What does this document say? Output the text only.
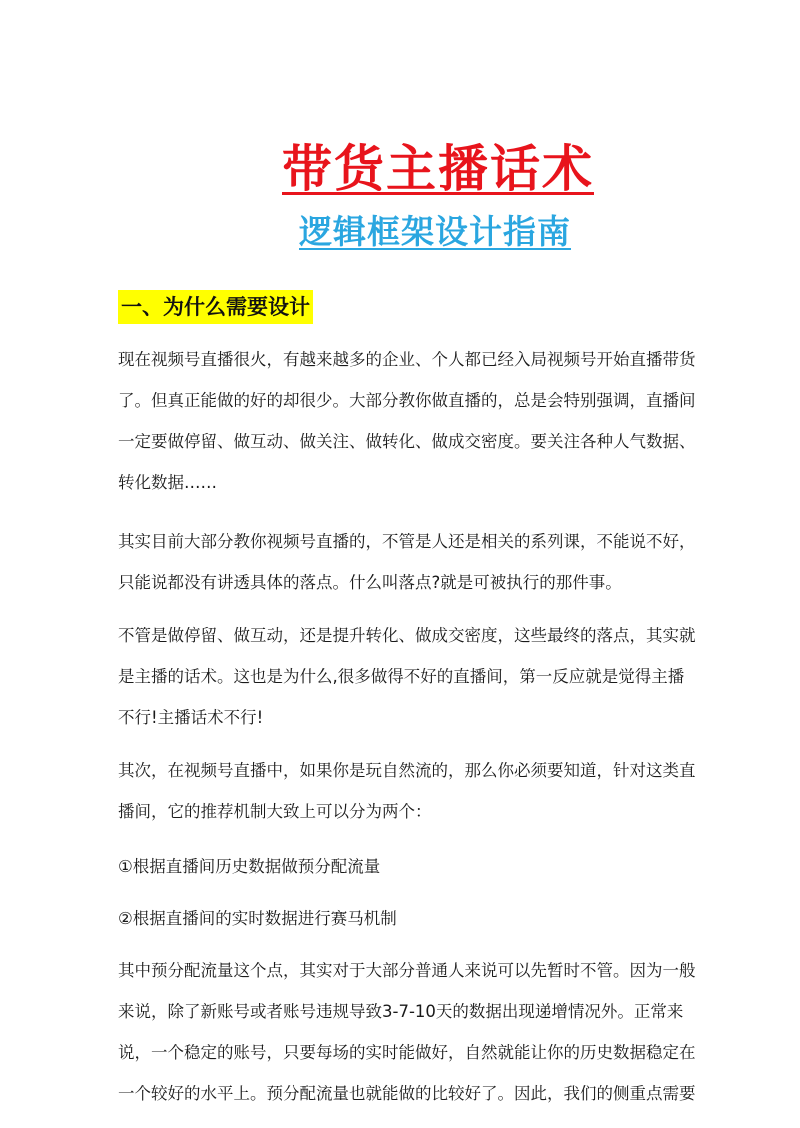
带货主播话术
逻辑框架设计指南
一、为什么需要设计
现在视频号直播很火，有越来越多的企业、个人都已经入局视频号开始直播带货
了。但真正能做的好的却很少。大部分教你做直播的，总是会特别强调，直播间
一定要做停留、做互动、做关注、做转化、做成交密度。要关注各种人气数据、
转化数据……
其实目前大部分教你视频号直播的，不管是人还是相关的系列课，不能说不好，
只能说都没有讲透具体的落点。什么叫落点?就是可被执行的那件事。
不管是做停留、做互动，还是提升转化、做成交密度，这些最终的落点，其实就
是主播的话术。这也是为什么,很多做得不好的直播间，第一反应就是觉得主播
不行!主播话术不行!
其次，在视频号直播中，如果你是玩自然流的，那么你必须要知道，针对这类直
播间，它的推荐机制大致上可以分为两个：
①根据直播间历史数据做预分配流量
②根据直播间的实时数据进行赛马机制
其中预分配流量这个点，其实对于大部分普通人来说可以先暂时不管。因为一般
来说，除了新账号或者账号违规导致3-7-10天的数据出现递增情况外。正常来
说，一个稳定的账号，只要每场的实时能做好，自然就能让你的历史数据稳定在
一个较好的水平上。预分配流量也就能做的比较好了。因此，我们的侧重点需要
